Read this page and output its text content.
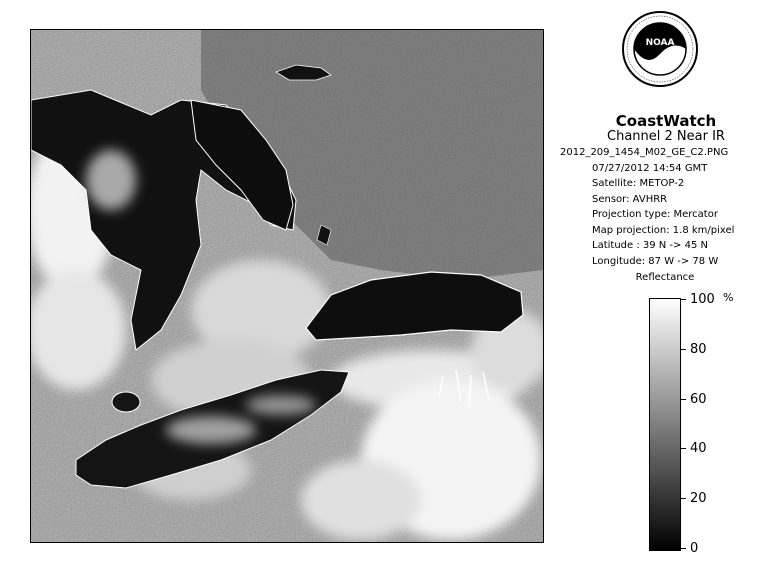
NOAA
CoastWatch
Channel 2 Near IR
2012_209_1454_M02_GE_C2.PNG
07/27/2012 14:54 GMT
Satellite: METOP-2
Sensor: AVHRR
Projection type: Mercator
Map projection: 1.8 km/pixel
Latitude : 39 N -> 45 N
Longitude: 87 W -> 78 W
Reflectance
%
100
80
60
40
20
0
